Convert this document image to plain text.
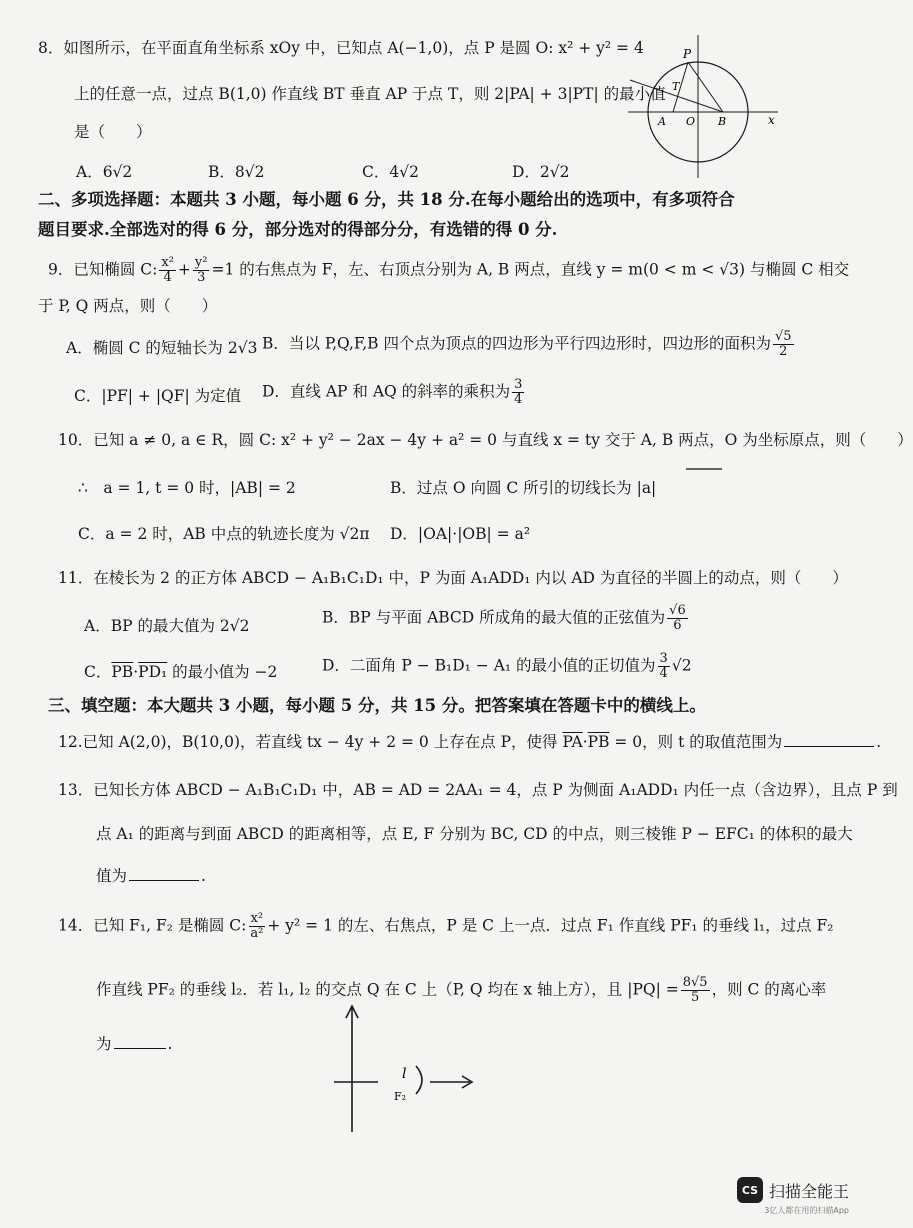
8．如图所示，在平面直角坐标系 xOy 中，已知点 A(−1,0)，点 P 是圆 O: x² + y² = 4
上的任意一点，过点 B(1,0) 作直线 BT 垂直 AP 于点 T，则 2|PA| + 3|PT| 的最小值
是（　　）
A．6√2	B．8√2	C．4√2	D．2√2
P
T
A O B	x
二、多项选择题：本题共 3 小题，每小题 6 分，共 18 分.在每小题给出的选项中，有多项符合
题目要求.全部选对的得 6 分，部分选对的得部分分，有选错的得 0 分.
9．已知椭圆 C: $\frac{\text{x²}}{4} + \frac{\text{y²}}{3} =1$ 的右焦点为 F，左、右顶点分别为 A, B 两点，直线 y = m(0 < m < √3) 与椭圆 C 相交
于 P, Q 两点，则（　　）
A．椭圆 C 的短轴长为 2√3 B．当以 P,Q,F,B 四个点为顶点的四边形为平行四边形时，四边形的面积为 $\frac{√5}{2}$
C．|PF| + |QF| 为定值 D．直线 AP 和 AQ 的斜率的乘积为 $\frac{3}{4}$
10．已知 a ≠ 0, a ∈ R，圆 C: x² + y² − 2ax − 4y + a² = 0 与直线 x = ty 交于 A, B 两点，O 为坐标原点，则（　　）
∴　a = 1, t = 0 时，|AB| = 2	B．过点 O 向圆 C 所引的切线长为 |a|
C．a = 2 时，AB 中点的轨迹长度为 √2π D．|OA|·|OB| = a²
11．在棱长为 2 的正方体 ABCD − A₁B₁C₁D₁ 中，P 为面 A₁ADD₁ 内以 AD 为直径的半圆上的动点，则（　　）
A．BP 的最大值为 2√2	B．BP 与平面 ABCD 所成角的最大值的正弦值为 $\frac{√6}{6}$
C．$\overline{PB}\cdot PD_1$ 的最小值为 −2	D．二面角 P − B₁D₁ − A₁ 的最小值的正切值为 $\frac{3}{4} √2$
三、填空题：本大题共 3 小题，每小题 5 分，共 15 分。把答案填在答题卡中的横线上。
12.已知 A(2,0)，B(10,0)，若直线 tx − 4y + 2 = 0 上存在点 P，使得 $\overline{PA}\cdot\overline{PB} = 0$，则 t 的取值范围为	.
13．已知长方体 ABCD − A₁B₁C₁D₁ 中，AB = AD = 2AA₁ = 4，点 P 为侧面 A₁ADD₁ 内任一点（含边界），且点 P 到
点 A₁ 的距离与到面 ABCD 的距离相等，点 E, F 分别为 BC, CD 的中点，则三棱锥 P − EFC₁ 的体积的最大
值为	.
14．已知 F₁, F₂ 是椭圆 C: $\frac{\text{x²}}{\text{a²}} + y^2 = 1$ 的左、右焦点，P 是 C 上一点．过点 F₁ 作直线 PF₁ 的垂线 l₁，过点 F₂
作直线 PF₂ 的垂线 l₂．若 l₁, l₂ 的交点 Q 在 C 上（P, Q 均在 x 轴上方），且 $|PQ| = \frac{8√5}{5}$ ，则 C 的离心率
为	.
l
F₂
CS 扫描全能王
3亿人都在用的扫描App
